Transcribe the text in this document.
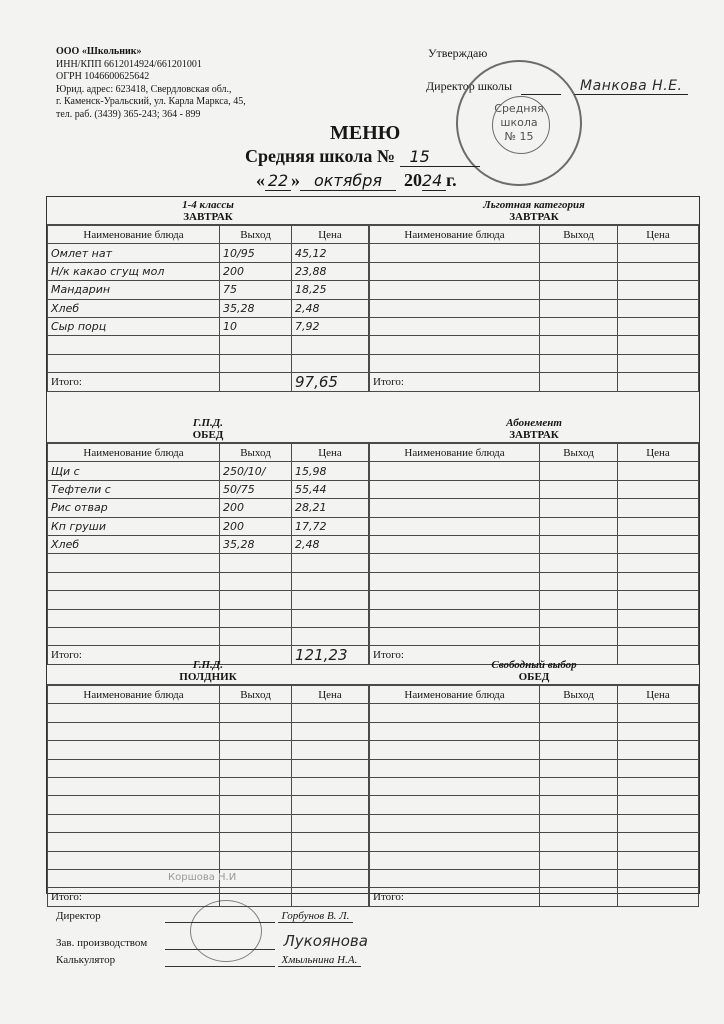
ООО «Школьник»
ИНН/КПП 6612014924/661201001
ОГРН 1046600625642
Юрид. адрес: 623418, Свердловская обл.,
г. Каменск-Уральский, ул. Карла Маркса, 45,
тел. раб. (3439) 365-243; 364 - 899
Утверждаю
Директор школы	Манкова Н.Е.
Средняя
школа
№ 15
МЕНЮ
Средняя школа № 15
« 22 » октября 2024 г.
1-4 классы
ЗАВТРАК
Наименование блюда	Выход	Цена
Омлет нат	10/95	45,12
Н/к какао сгущ мол	200	23,88
Мандарин	75	18,25
Хлеб	35,28	2,48
Сыр порц	10	7,92

Итого:		97,65
Льготная категория
ЗАВТРАК
Наименование блюда	Выход	Цена

Итого:		
Г.П.Д.
ОБЕД
Наименование блюда	Выход	Цена
Щи с	250/10/	15,98
Тефтели с	50/75	55,44
Рис отвар	200	28,21
Кп груши	200	17,72
Хлеб	35,28	2,48

Итого:		121,23
Абонемент
ЗАВТРАК
Наименование блюда	Выход	Цена

Итого:		
Г.П.Д.
ПОЛДНИК
Наименование блюда	Выход	Цена

Итого:		
Свободный выбор
ОБЕД
Наименование блюда	Выход	Цена

Итого:		
Коршова Н.И
Директор	Горбунов В. Л.
Зав. производством	Лукоянова
Калькулятор	Хмыльнина Н.А.
